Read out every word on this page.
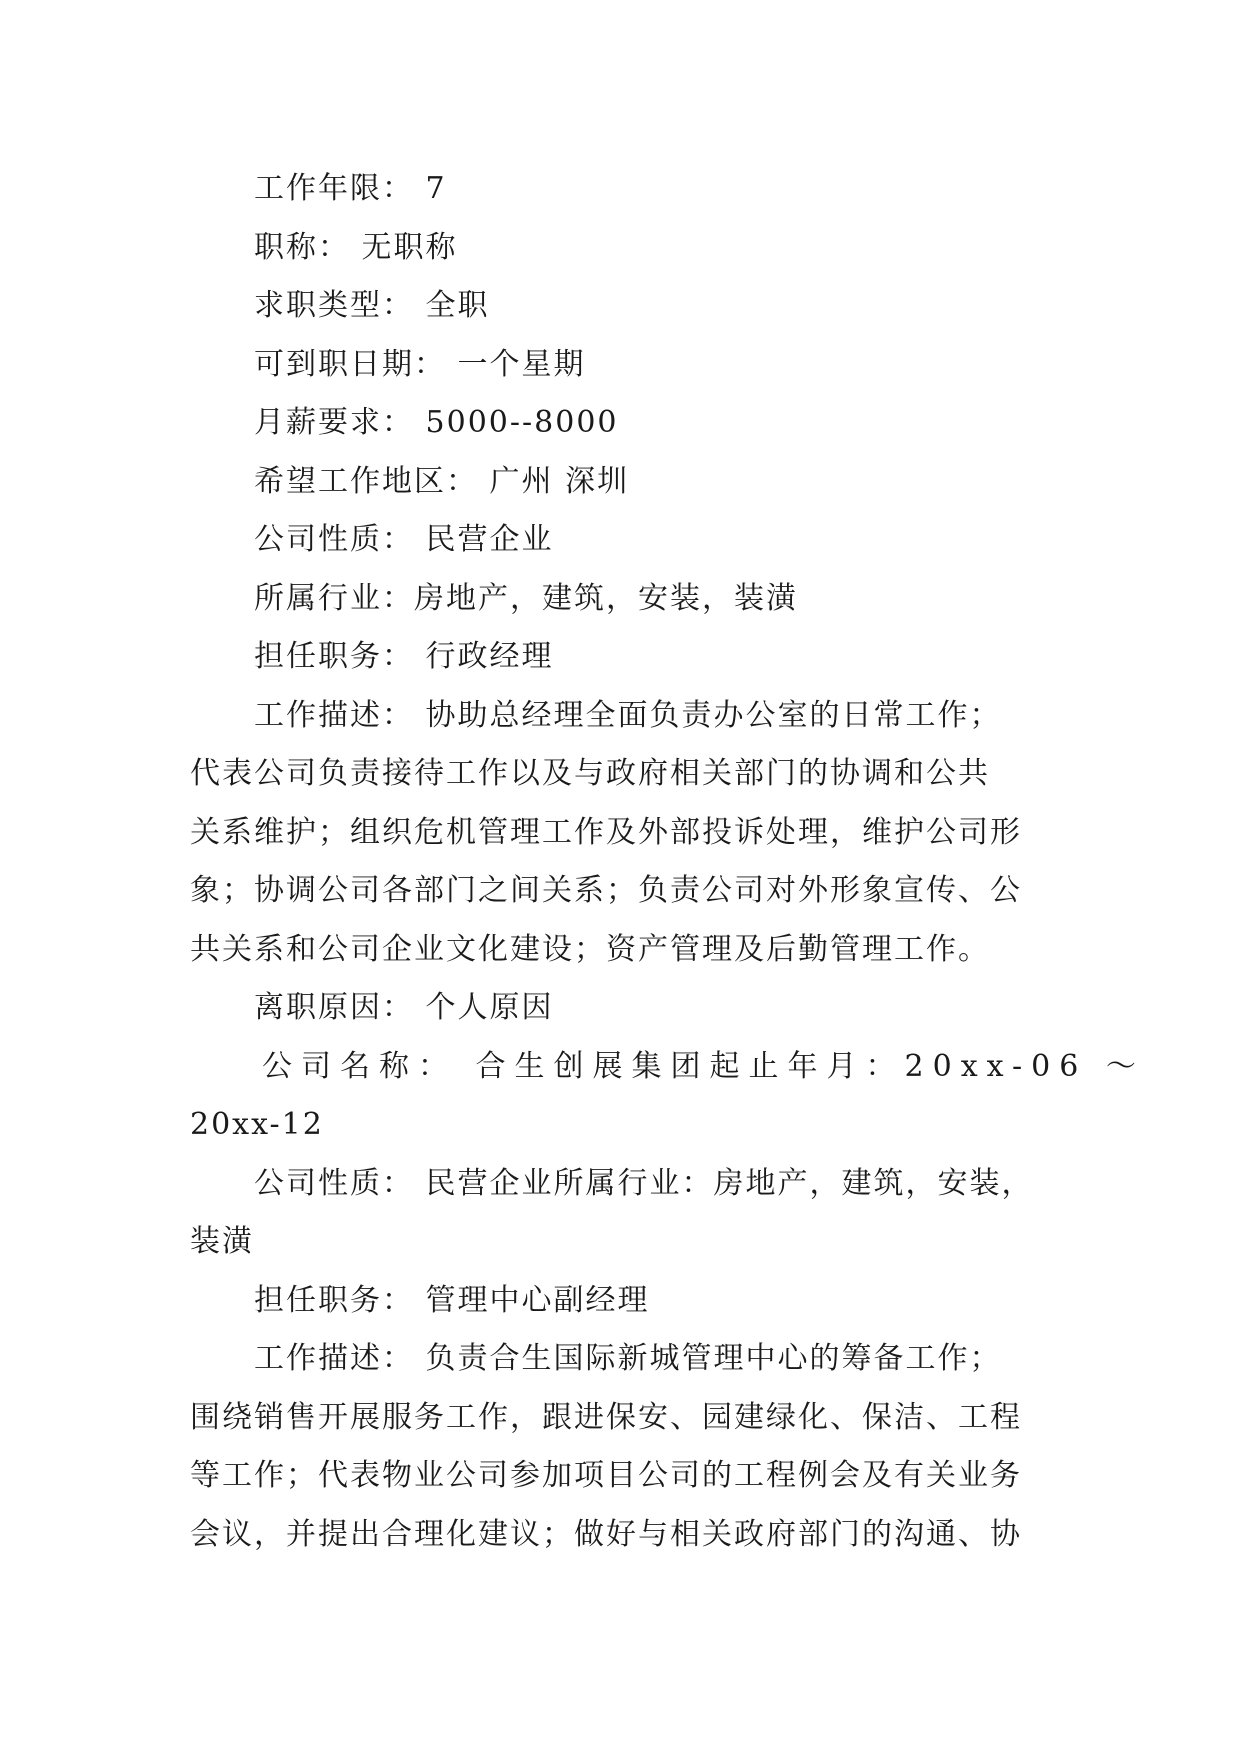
工作年限： 7
职称： 无职称
求职类型： 全职
可到职日期： 一个星期
月薪要求： 5000--8000
希望工作地区： 广州 深圳
公司性质： 民营企业
所属行业：房地产，建筑，安装，装潢
担任职务： 行政经理
工作描述： 协助总经理全面负责办公室的日常工作；
代表公司负责接待工作以及与政府相关部门的协调和公共
关系维护；组织危机管理工作及外部投诉处理，维护公司形
象；协调公司各部门之间关系；负责公司对外形象宣传、公
共关系和公司企业文化建设；资产管理及后勤管理工作。
离职原因： 个人原因
公司名称： 合生创展集团起止年月：20xx-06 ～
20xx-12
公司性质： 民营企业所属行业：房地产，建筑，安装，
装潢
担任职务： 管理中心副经理
工作描述： 负责合生国际新城管理中心的筹备工作；
围绕销售开展服务工作，跟进保安、园建绿化、保洁、工程
等工作；代表物业公司参加项目公司的工程例会及有关业务
会议，并提出合理化建议；做好与相关政府部门的沟通、协
